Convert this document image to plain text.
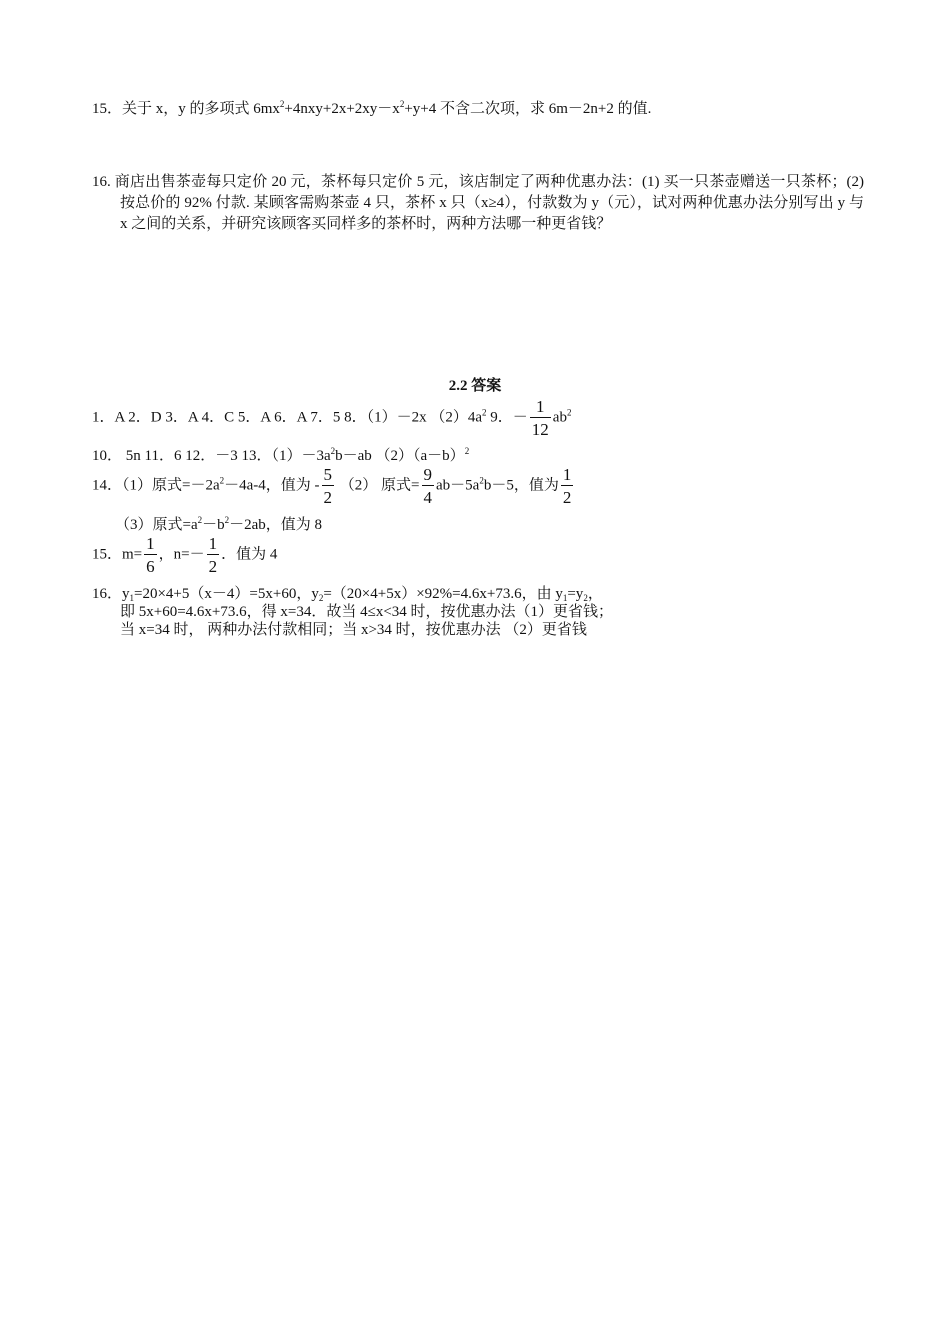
15．关于 x，y 的多项式 $6mx^2+4nxy+2x+2xy-x^2+y+4$ 不含二次项，求 6m－2n+2 的值.
16. 商店出售茶壶每只定价 20 元，茶杯每只定价 5 元，该店制定了两种优惠办法：(1) 买一只茶壶赠送一只茶杯；(2) 按总价的 92% 付款. 某顾客需购茶壶 4 只，茶杯 x 只（x≥4），付款数为 y（元），试对两种优惠办法分别写出 y 与 x 之间的关系，并研究该顾客买同样多的茶杯时，两种方法哪一种更省钱？
2.2 答案
1．A 2．D 3．A 4．C 5．A 6．A 7．5 8．（1）－2x $(2)4a^2$ 9．－ $\frac{1}{12} ab^2$
10． 5n 11．6 12．－3 13．$(1)-3a^2b-ab$ $(2)(a-b)^2$
14．（1）原式$=-2a^2-4a-4$，值为 - $\frac{5}{2} (2)$ 原式= $\frac{9}{4} ab-5a^2b-5$，值为 $\frac{1}{2}$
（3）原式$=a^2-b^2-2ab$，值为 8
15．$m= \frac{1}{6}$ ，$n=- \frac{1}{2}$ ．值为 4
16．$y_1=20\times 4+5(x-4)=5x+60$，$y_2=(20\times 4+5x)\times 92\%=4.6x+73.6$，由 $y_1=y_2$，
即 5x+60=4.6x+73.6，得 x=34．故当 4≤x<34 时，按优惠办法（1）更省钱；
当 x=34 时， 两种办法付款相同；当 x>34 时，按优惠办法 （2）更省钱
